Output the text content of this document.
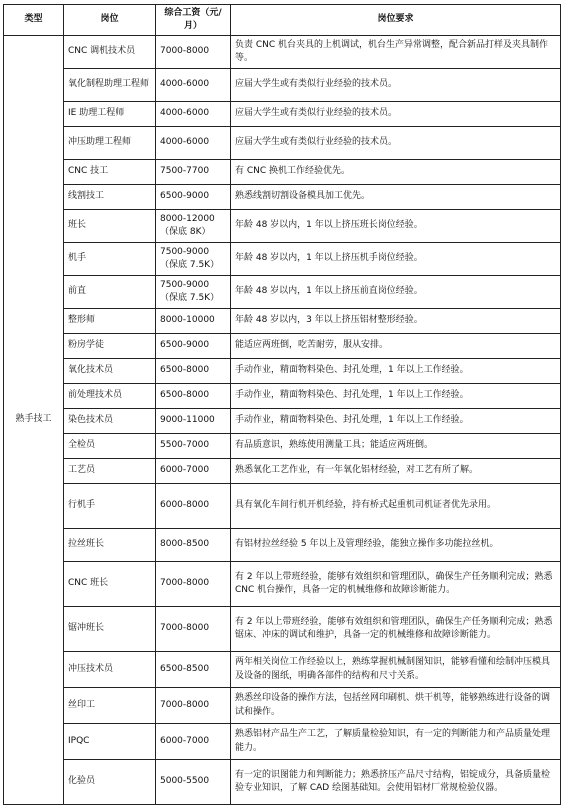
类型	岗位	综合工资（元/月）	岗位要求
熟手技工	CNC 调机技术员	7000-8000	负责 CNC 机台夹具的上机调试，机台生产异常调整，配合新品打样及夹具制作等。
	氧化制程助理工程师	4000-6000	应届大学生或有类似行业经验的技术员。
	IE 助理工程师	4000-6000	应届大学生或有类似行业经验的技术员。
	冲压助理工程师	4000-6000	应届大学生或有类似行业经验的技术员。
	CNC 技工	7500-7700	有 CNC 换机工作经验优先。
	线割技工	6500-9000	熟悉线割切割设备模具加工优先。
	班长	8000-12000（保底 8K）	年龄 48 岁以内，1 年以上挤压班长岗位经验。
	机手	7500-9000（保底 7.5K）	年龄 48 岁以内，1 年以上挤压机手岗位经验。
	前直	7500-9000（保底 7.5K）	年龄 48 岁以内，1 年以上挤压前直岗位经验。
	整形师	8000-10000	年龄 48 岁以内，3 年以上挤压铝材整形经验。
	粉房学徒	6500-9000	能适应两班倒，吃苦耐劳，服从安排。
	氧化技术员	6500-8000	手动作业，精面物料染色、封孔处理，1 年以上工作经验。
	前处理技术员	6500-8000	手动作业，精面物料染色、封孔处理，1 年以上工作经验。
	染色技术员	9000-11000	手动作业，精面物料染色、封孔处理，1 年以上工作经验。
	全检员	5500-7000	有品质意识，熟练使用测量工具；能适应两班倒。
	工艺员	6000-7000	熟悉氧化工艺作业，有一年氧化铝材经验，对工艺有所了解。
	行机手	6000-8000	具有氧化车间行机开机经验，持有桥式起重机司机证者优先录用。
	拉丝班长	8000-8500	有铝材拉丝经验 5 年以上及管理经验，能独立操作多功能拉丝机。
	CNC 班长	7000-8000	有 2 年以上带班经验，能够有效组织和管理团队，确保生产任务顺利完成；熟悉 CNC 机台操作，具备一定的机械维修和故障诊断能力。
	锯冲班长	7000-8000	有 2 年以上带班经验，能够有效组织和管理团队，确保生产任务顺利完成；熟悉锯床、冲床的调试和维护，具备一定的机械维修和故障诊断能力。
	冲压技术员	6500-8500	两年相关岗位工作经验以上，熟练掌握机械制图知识，能够看懂和绘制冲压模具及设备的图纸，明确各部件的结构和尺寸关系。
	丝印工	7000-8000	熟悉丝印设备的操作方法，包括丝网印刷机、烘干机等，能够熟练进行设备的调试和操作。
	IPQC	6000-7000	熟悉铝材产品生产工艺，了解质量检验知识，有一定的判断能力和产品质量处理能力。
	化验员	5000-5500	有一定的识图能力和判断能力；熟悉挤压产品尺寸结构，铝锭成分，具备质量检验专业知识，了解 CAD 绘图基础知。会使用铝材厂常规检验仪器。
